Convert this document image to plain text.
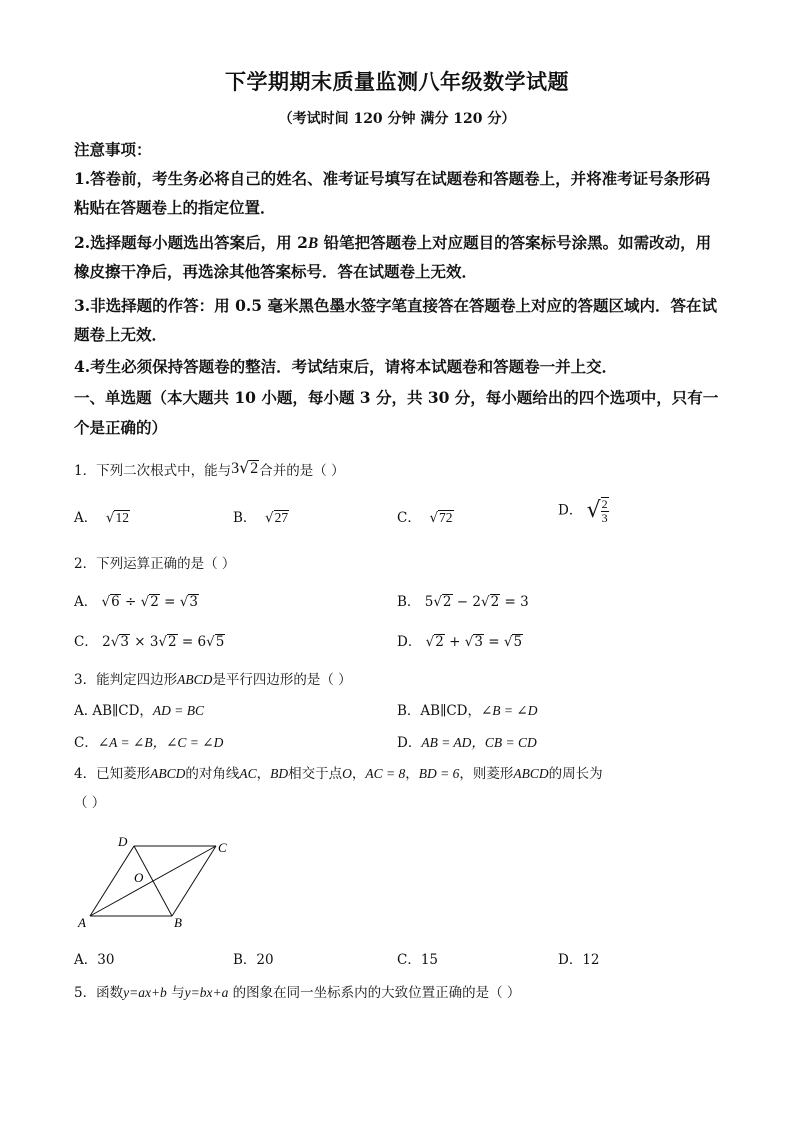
下学期期末质量监测八年级数学试题
（考试时间 120 分钟 满分 120 分）
注意事项：
1.答卷前，考生务必将自己的姓名、准考证号填写在试题卷和答题卷上，并将准考证号条形码
粘贴在答题卷上的指定位置．
2.选择题每小题选出答案后，用 2B 铅笔把答题卷上对应题目的答案标号涂黑。如需改动，用
橡皮擦干净后，再选涂其他答案标号．答在试题卷上无效．
3.非选择题的作答：用 0.5 毫米黑色墨水签字笔直接答在答题卷上对应的答题区域内．答在试
题卷上无效．
4.考生必须保持答题卷的整洁．考试结束后，请将本试题卷和答题卷一并上交．
一、单选题（本大题共 10 小题，每小题 3 分，共 30 分，每小题给出的四个选项中，只有一
个是正确的）
1．下列二次根式中，能与3√2合并的是（ ）
A． √12	B． √27	C． √72	D． √ $\frac{2}{3}$
2．下列运算正确的是（ ）
A． √6 ÷ √2 = √3	B． 5√2 − 2√2 = 3
C． 2√3 × 3√2 = 6√5	D． √2 + √3 = √5
3．能判定四边形ABCD是平行四边形的是（ ）
A. AB∥CD，AD = BC	B．AB∥CD，∠B = ∠D
C．∠A = ∠B，∠C = ∠D	D．AB = AD，CB = CD
4．已知菱形ABCD的对角线AC，BD相交于点O，AC = 8，BD = 6，则菱形ABCD的周长为
（ ）
A	B
C
D
O
A．30	B．20	C．15	D．12
5．函数y=ax+b 与y=bx+a 的图象在同一坐标系内的大致位置正确的是（ ）
